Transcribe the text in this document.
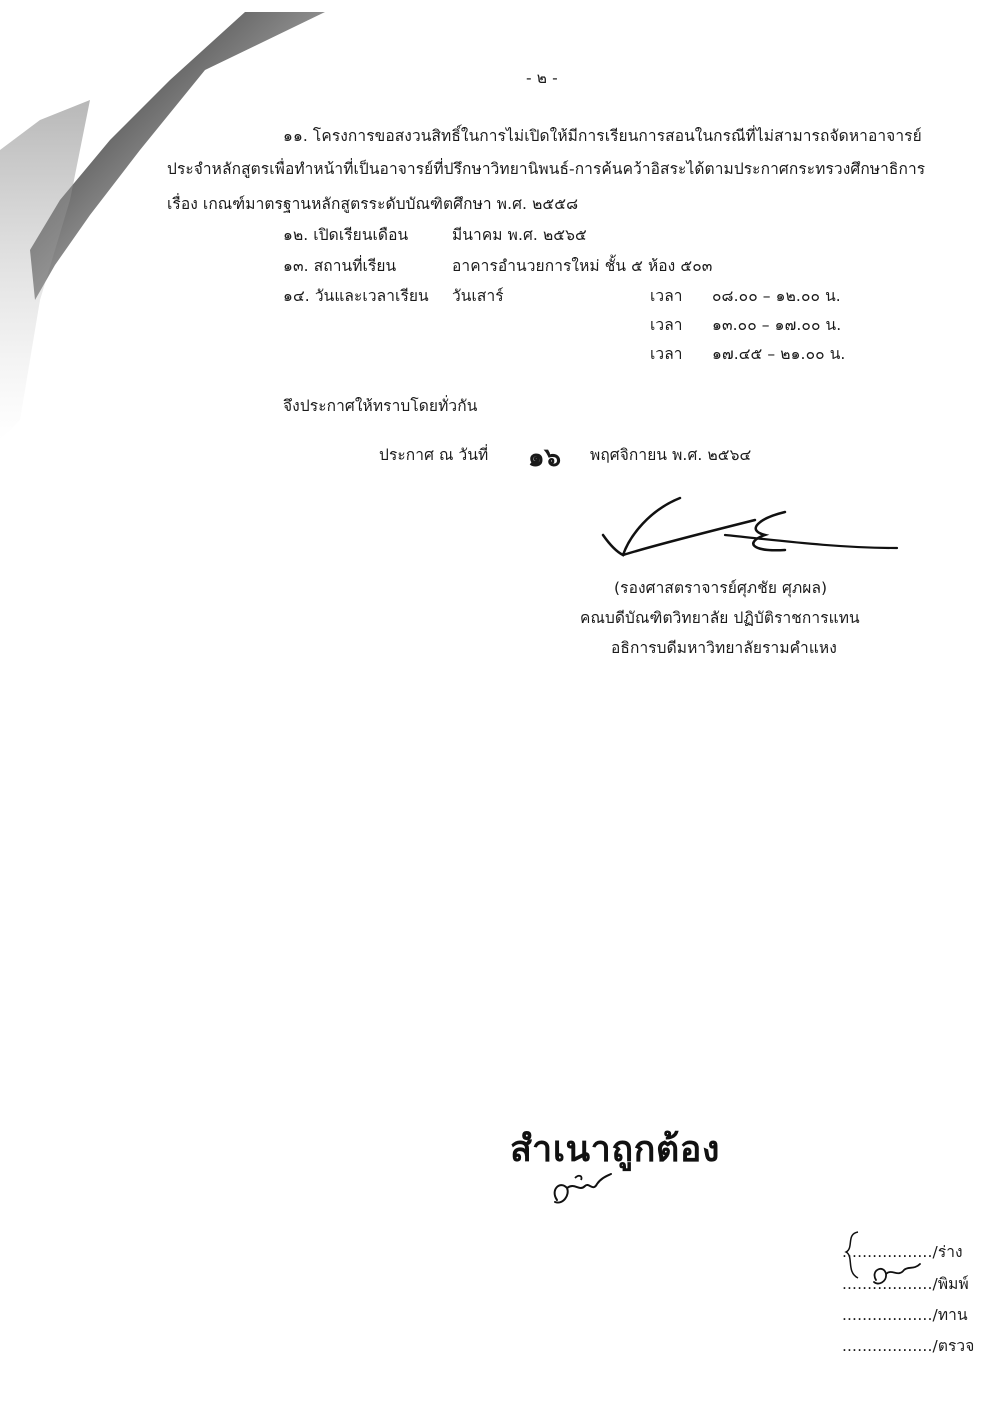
- ๒ -
๑๑. โครงการขอสงวนสิทธิ์ในการไม่เปิดให้มีการเรียนการสอนในกรณีที่ไม่สามารถจัดหาอาจารย์
ประจำหลักสูตรเพื่อทำหน้าที่เป็นอาจารย์ที่ปรึกษาวิทยานิพนธ์-การค้นคว้าอิสระได้ตามประกาศกระทรวงศึกษาธิการ
เรื่อง เกณฑ์มาตรฐานหลักสูตรระดับบัณฑิตศึกษา พ.ศ. ๒๕๕๘
๑๒. เปิดเรียนเดือน	มีนาคม พ.ศ. ๒๕๖๕
๑๓. สถานที่เรียน	อาคารอำนวยการใหม่ ชั้น ๕ ห้อง ๕๐๓
๑๔. วันและเวลาเรียน วันเสาร์	เวลา ๐๘.๐๐ – ๑๒.๐๐ น.
เวลา ๑๓.๐๐ – ๑๗.๐๐ น.
เวลา ๑๗.๔๕ – ๒๑.๐๐ น.
จึงประกาศให้ทราบโดยทั่วกัน
ประกาศ ณ วันที่ ๑๖ พฤศจิกายน พ.ศ. ๒๕๖๔
(รองศาสตราจารย์ศุภชัย ศุภผล)
คณบดีบัณฑิตวิทยาลัย ปฏิบัติราชการแทน
อธิการบดีมหาวิทยาลัยรามคำแหง
สำเนาถูกต้อง
................../ร่าง
................../พิมพ์
................../ทาน
................../ตรวจ
